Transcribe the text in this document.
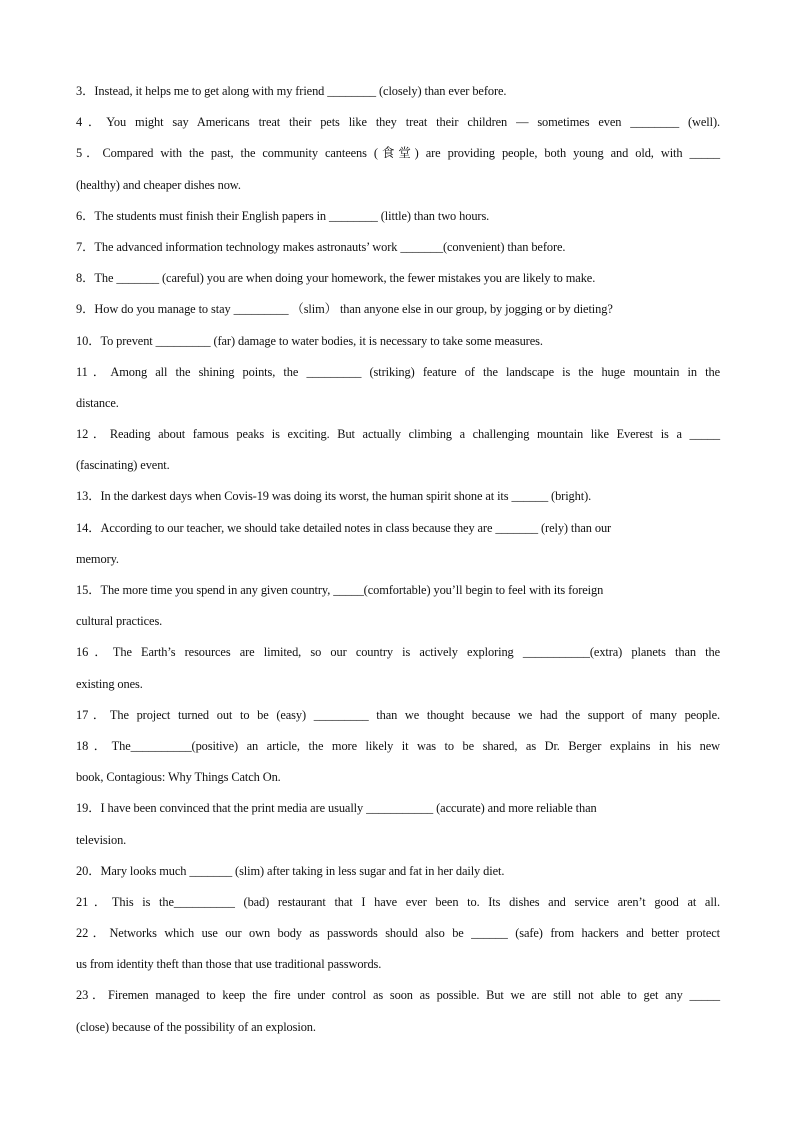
3．Instead, it helps me to get along with my friend ________ (closely) than ever before.
4．You might say Americans treat their pets like they treat their children — sometimes even ________ (well).
5．Compared with the past, the community canteens (食堂) are providing people, both young and old, with _____
(healthy) and cheaper dishes now.
6．The students must finish their English papers in ________ (little) than two hours.
7．The advanced information technology makes astronauts’ work _______(convenient) than before.
8．The _______ (careful) you are when doing your homework, the fewer mistakes you are likely to make.
9．How do you manage to stay _________ （slim） than anyone else in our group, by jogging or by dieting?
10．To prevent _________ (far) damage to water bodies, it is necessary to take some measures.
11．Among all the shining points, the _________ (striking) feature of the landscape is the huge mountain in the
distance.
12．Reading about famous peaks is exciting. But actually climbing a challenging mountain like Everest is a _____
(fascinating) event.
13．In the darkest days when Covis-19 was doing its worst, the human spirit shone at its ______ (bright).
14．According to our teacher, we should take detailed notes in class because they are _______ (rely) than our
memory.
15．The more time you spend in any given country, _____(comfortable) you’ll begin to feel with its foreign
cultural practices.
16．The Earth’s resources are limited, so our country is actively exploring ___________(extra) planets than the
existing ones.
17．The project turned out to be (easy) _________ than we thought because we had the support of many people.
18．The__________(positive) an article, the more likely it was to be shared, as Dr. Berger explains in his new
book, Contagious: Why Things Catch On.
19．I have been convinced that the print media are usually ___________ (accurate) and more reliable than
television.
20．Mary looks much _______ (slim) after taking in less sugar and fat in her daily diet.
21．This is the__________ (bad) restaurant that I have ever been to. Its dishes and service aren’t good at all.
22．Networks which use our own body as passwords should also be ______ (safe) from hackers and better protect
us from identity theft than those that use traditional passwords.
23．Firemen managed to keep the fire under control as soon as possible. But we are still not able to get any _____
(close) because of the possibility of an explosion.
